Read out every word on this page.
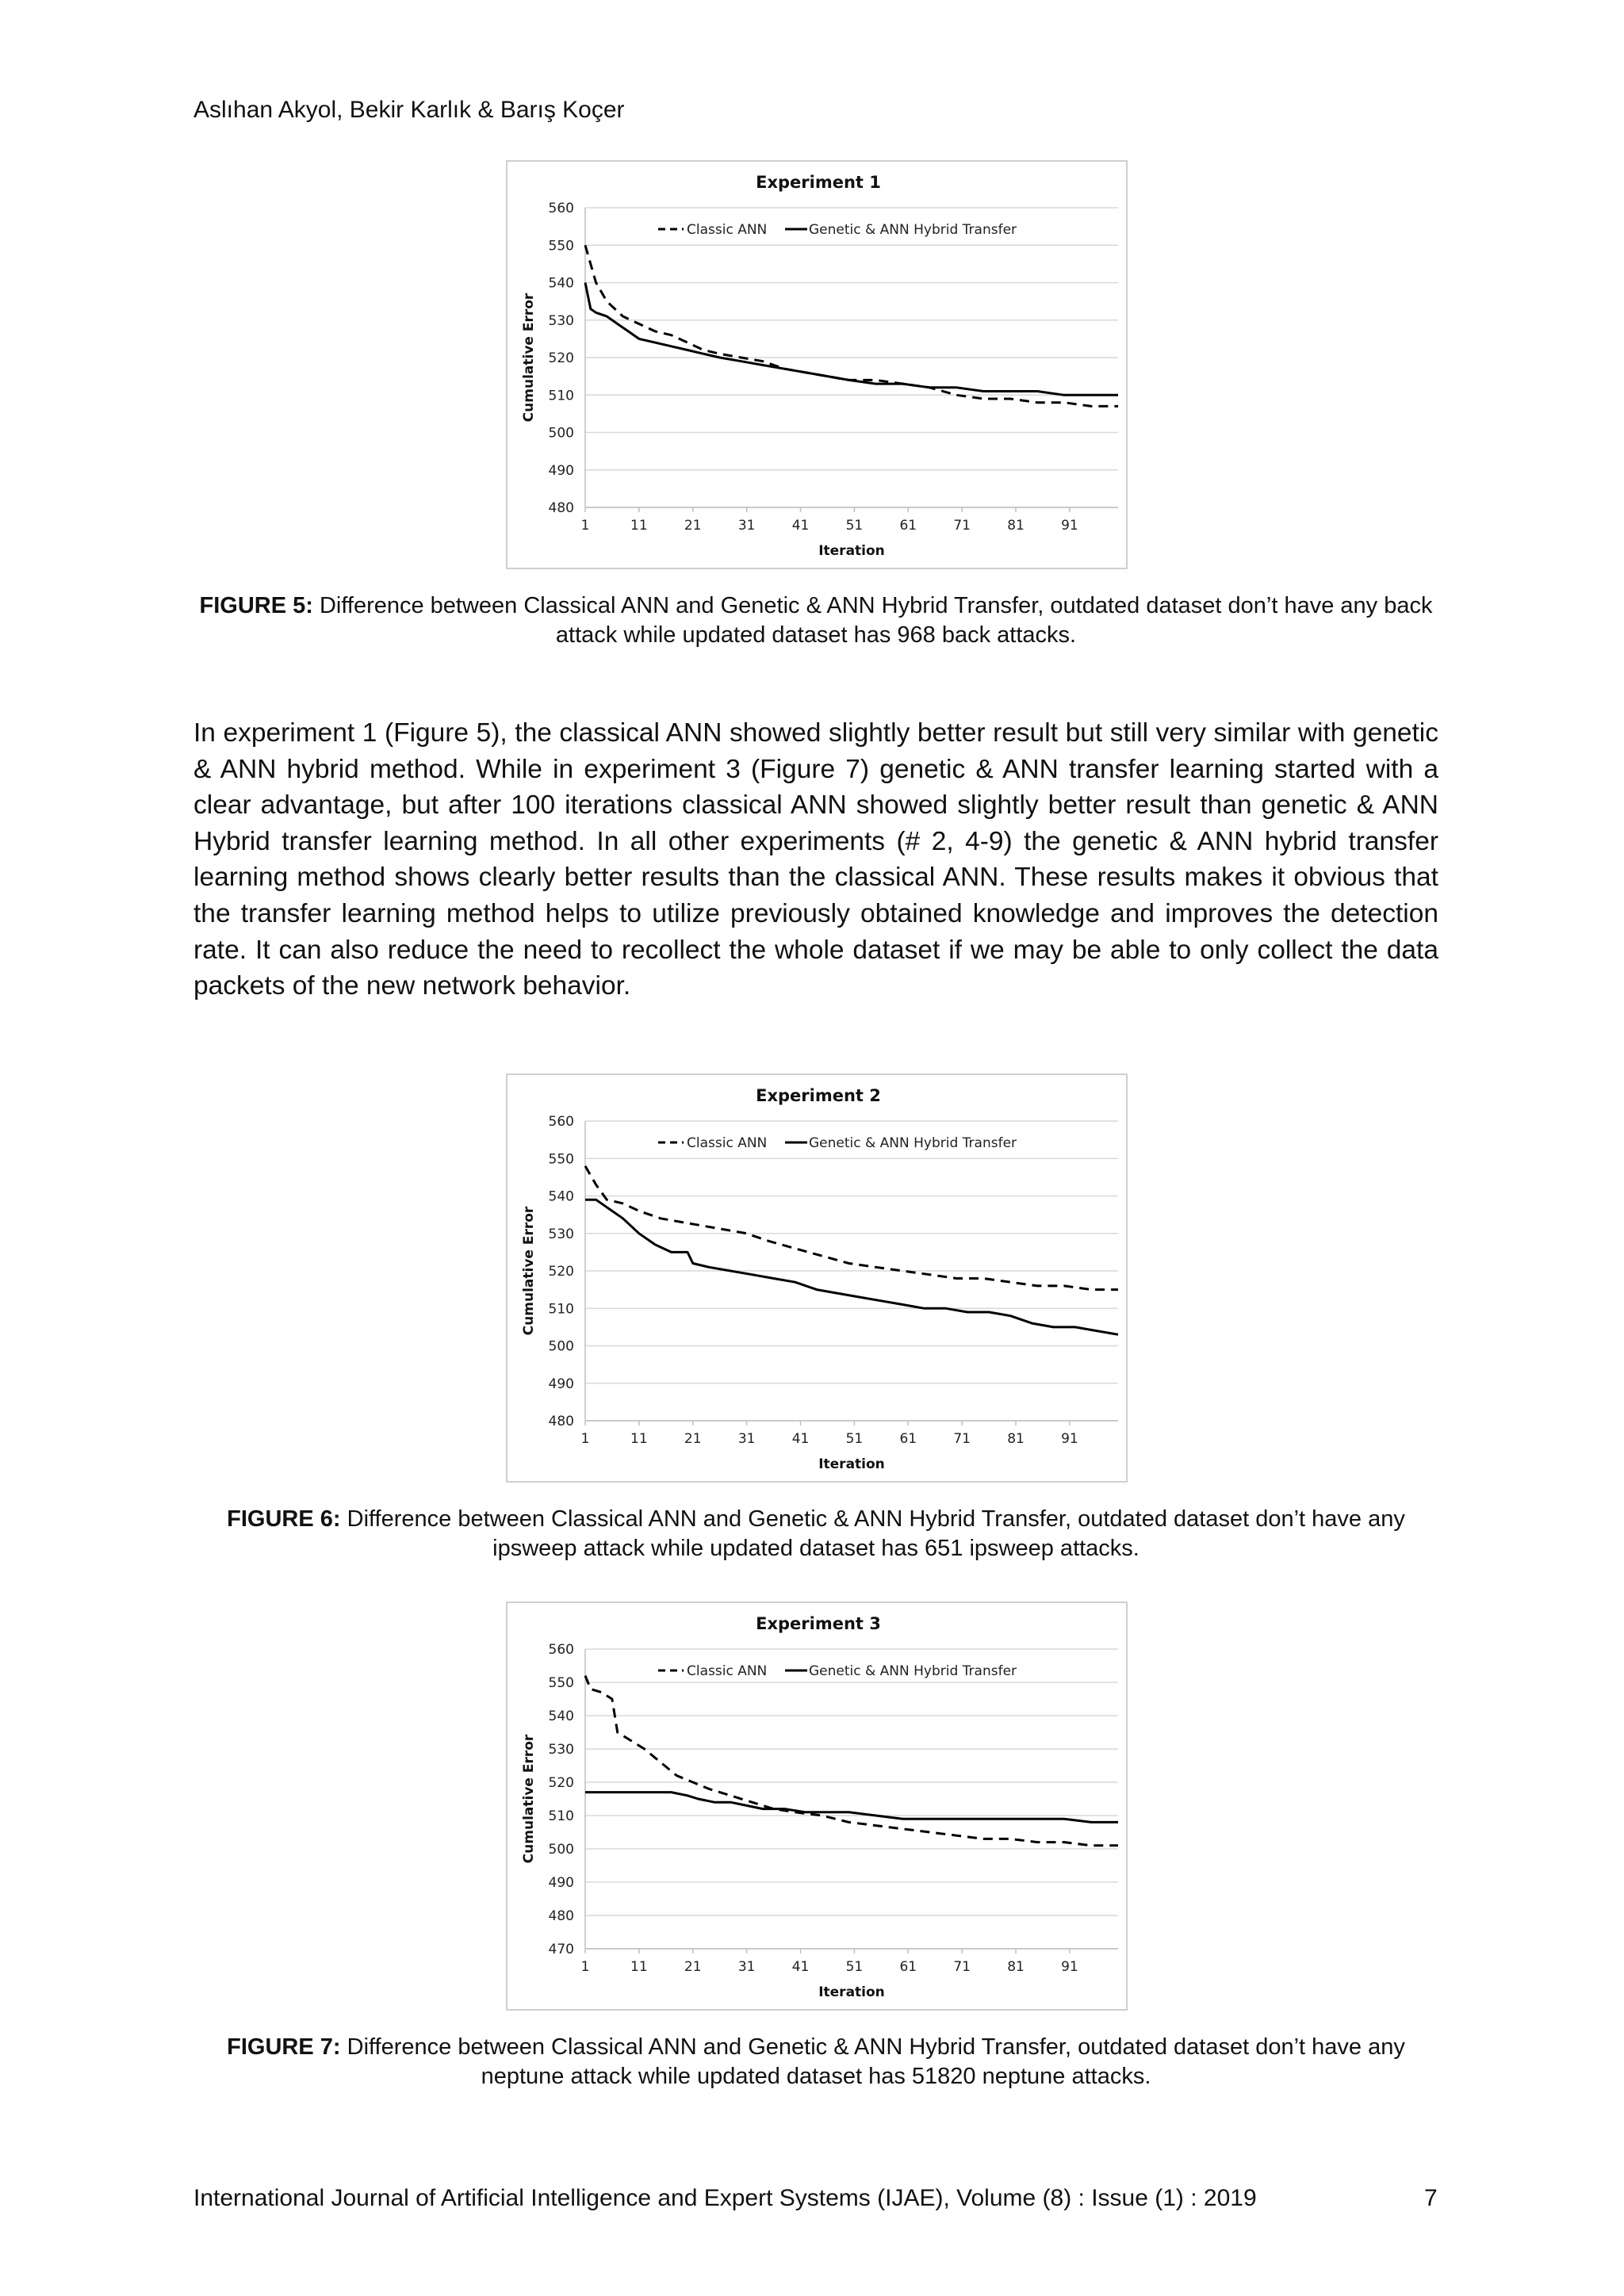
Aslıhan Akyol, Bekir Karlık & Barış Koçer
480
490
500
510
520
530
540
550
560
1	11	21	31	41	51	61	71	81	91
Experiment 1
Iteration
Cumulative Error
Classic ANN	Genetic & ANN Hybrid Transfer
FIGURE 5: Difference between Classical ANN and Genetic & ANN Hybrid Transfer, outdated dataset don’t have any back attack while updated dataset has 968 back attacks.
In experiment 1 (Figure 5), the classical ANN showed slightly better result but still very similar with genetic & ANN hybrid method. While in experiment 3 (Figure 7) genetic & ANN transfer learning started with a clear advantage, but after 100 iterations classical ANN showed slightly better result than genetic & ANN Hybrid transfer learning method. In all other experiments (# 2, 4-9) the genetic & ANN hybrid transfer learning method shows clearly better results than the classical ANN. These results makes it obvious that the transfer learning method helps to utilize previously obtained knowledge and improves the detection rate. It can also reduce the need to recollect the whole dataset if we may be able to only collect the data packets of the new network behavior.
480
490
500
510
520
530
540
550
560
1	11	21	31	41	51	61	71	81	91
Experiment 2
Iteration
Cumulative Error
Classic ANN	Genetic & ANN Hybrid Transfer
FIGURE 6: Difference between Classical ANN and Genetic & ANN Hybrid Transfer, outdated dataset don’t have any ipsweep attack while updated dataset has 651 ipsweep attacks.
470
480
490
500
510
520
530
540
550
560
1	11	21	31	41	51	61	71	81	91
Experiment 3
Iteration
Cumulative Error
Classic ANN	Genetic & ANN Hybrid Transfer
FIGURE 7: Difference between Classical ANN and Genetic & ANN Hybrid Transfer, outdated dataset don’t have any neptune attack while updated dataset has 51820 neptune attacks.
International Journal of Artificial Intelligence and Expert Systems (IJAE), Volume (8) : Issue (1) : 2019	7
